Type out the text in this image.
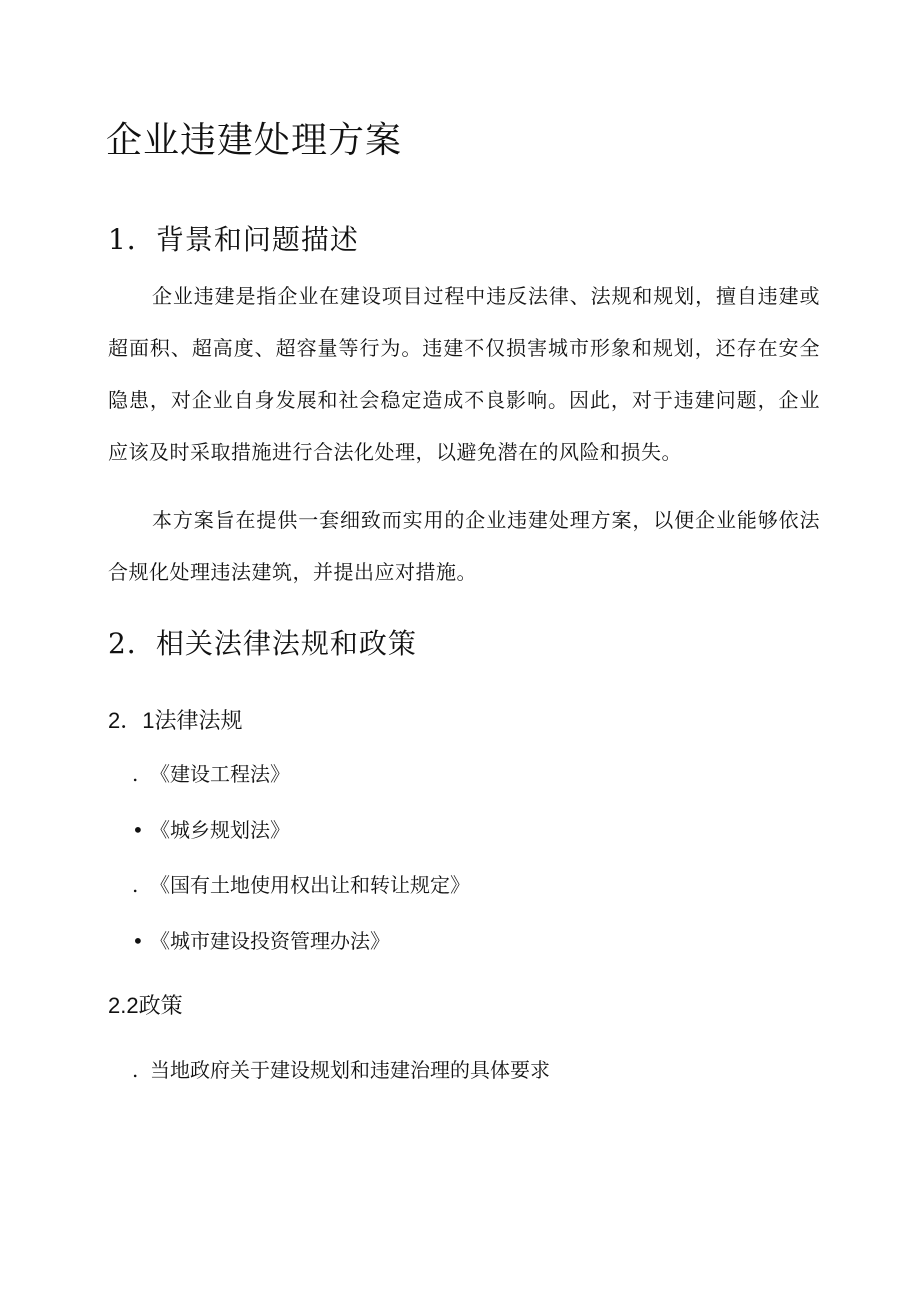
企业违建处理方案
1．背景和问题描述

企业违建是指企业在建设项目过程中违反法律、法规和规划，擅自违建或超面积、超高度、超容量等行为。违建不仅损害城市形象和规划，还存在安全隐患，对企业自身发展和社会稳定造成不良影响。因此，对于违建问题，企业应该及时采取措施进行合法化处理，以避免潜在的风险和损失。

本方案旨在提供一套细致而实用的企业违建处理方案，以便企业能够依法合规化处理违法建筑，并提出应对措施。

2．相关法律法规和政策
2．1法律法规
. 《建设工程法》
• 《城乡规划法》
. 《国有土地使用权出让和转让规定》
• 《城市建设投资管理办法》
2.2政策
. 当地政府关于建设规划和违建治理的具体要求
